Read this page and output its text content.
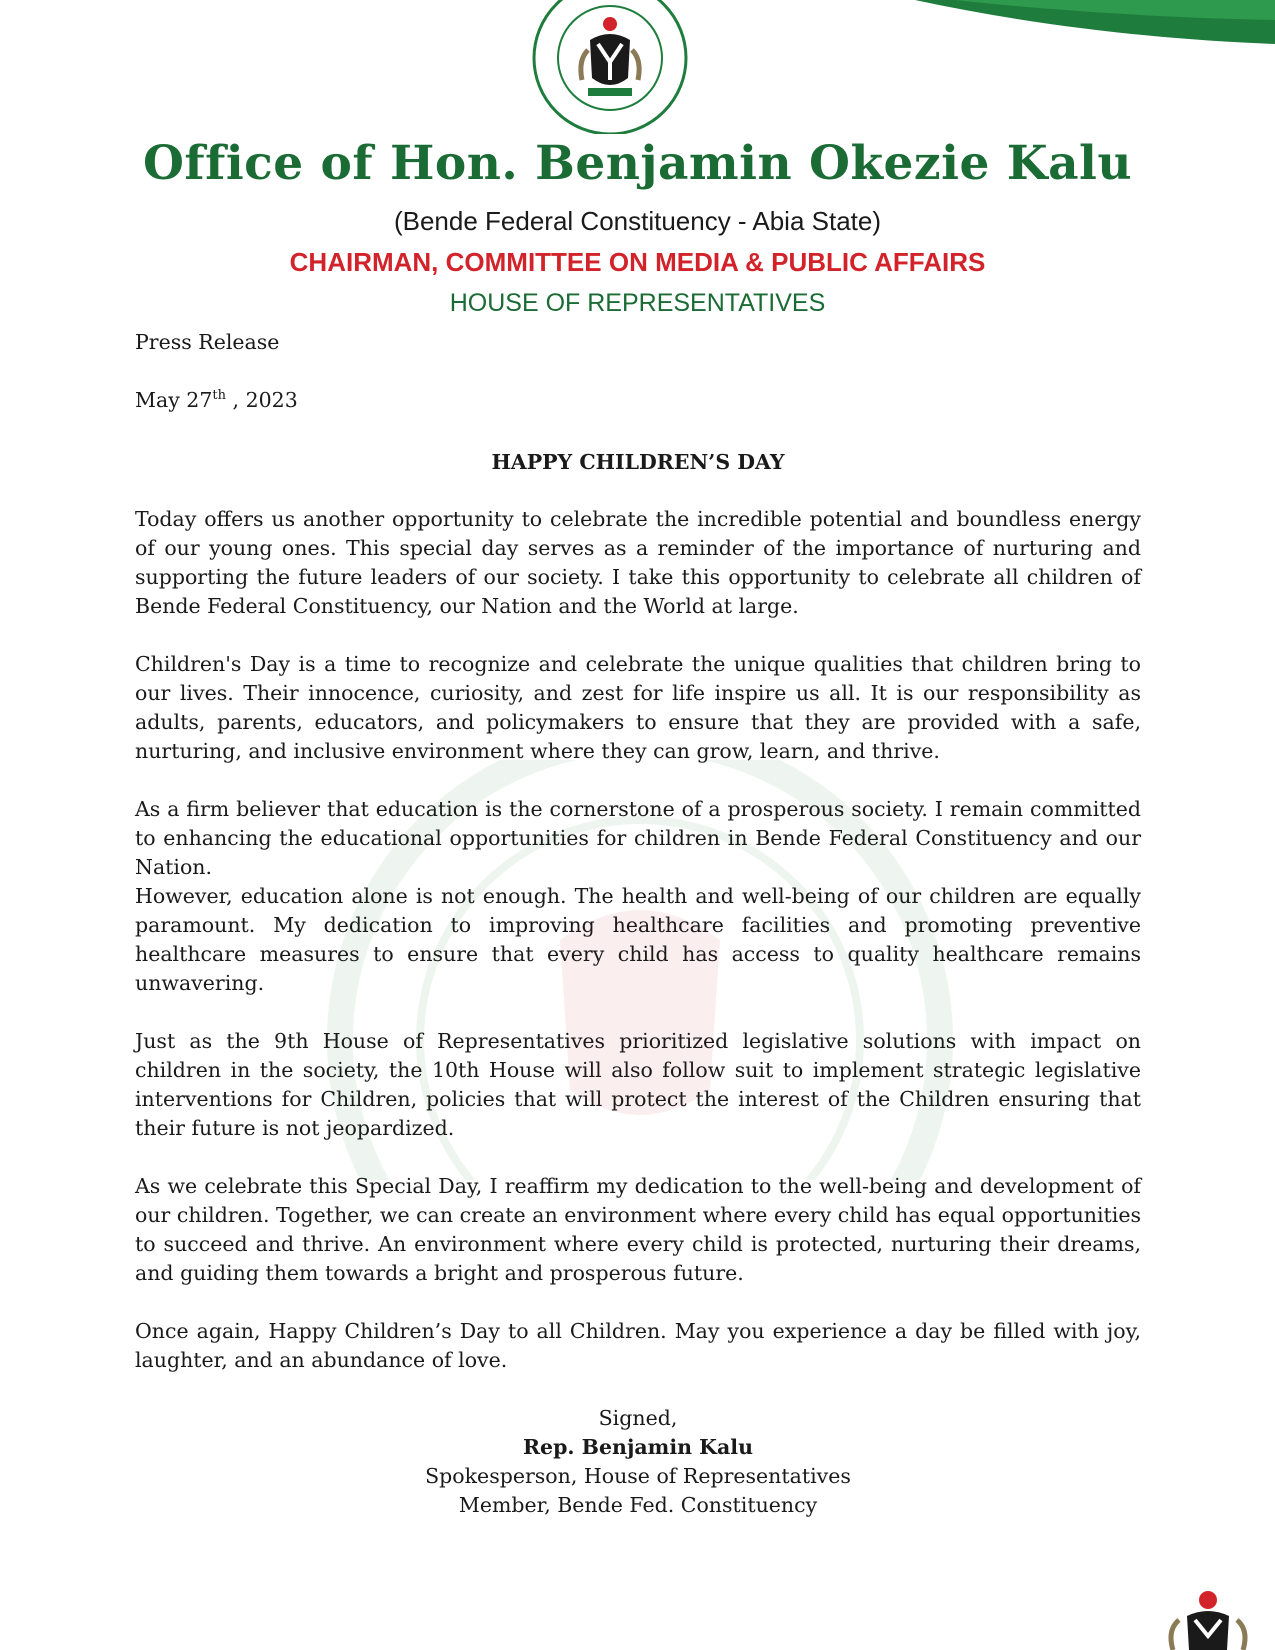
Office of Hon. Benjamin Okezie Kalu
(Bende Federal Constituency - Abia State)
CHAIRMAN, COMMITTEE ON MEDIA & PUBLIC AFFAIRS
HOUSE OF REPRESENTATIVES

Press Release

May 27th , 2023

HAPPY CHILDREN’S DAY

Today offers us another opportunity to celebrate the incredible potential and boundless energy of our young ones. This special day serves as a reminder of the importance of nurturing and supporting the future leaders of our society. I take this opportunity to celebrate all children of Bende Federal Constituency, our Nation and the World at large.

Children's Day is a time to recognize and celebrate the unique qualities that children bring to our lives. Their innocence, curiosity, and zest for life inspire us all. It is our responsibility as adults, parents, educators, and policymakers to ensure that they are provided with a safe, nurturing, and inclusive environment where they can grow, learn, and thrive.

As a firm believer that education is the cornerstone of a prosperous society. I remain committed to enhancing the educational opportunities for children in Bende Federal Constituency and our Nation.

However, education alone is not enough. The health and well-being of our children are equally paramount. My dedication to improving healthcare facilities and promoting preventive healthcare measures to ensure that every child has access to quality healthcare remains unwavering.

Just as the 9th House of Representatives prioritized legislative solutions with impact on children in the society, the 10th House will also follow suit to implement strategic legislative interventions for Children, policies that will protect the interest of the Children ensuring that their future is not jeopardized.

As we celebrate this Special Day, I reaffirm my dedication to the well-being and development of our children. Together, we can create an environment where every child has equal opportunities to succeed and thrive. An environment where every child is protected, nurturing their dreams, and guiding them towards a bright and prosperous future.

Once again, Happy Children’s Day to all Children. May you experience a day be filled with joy, laughter, and an abundance of love.

Signed,
Rep. Benjamin Kalu
Spokesperson, House of Representatives
Member, Bende Fed. Constituency
